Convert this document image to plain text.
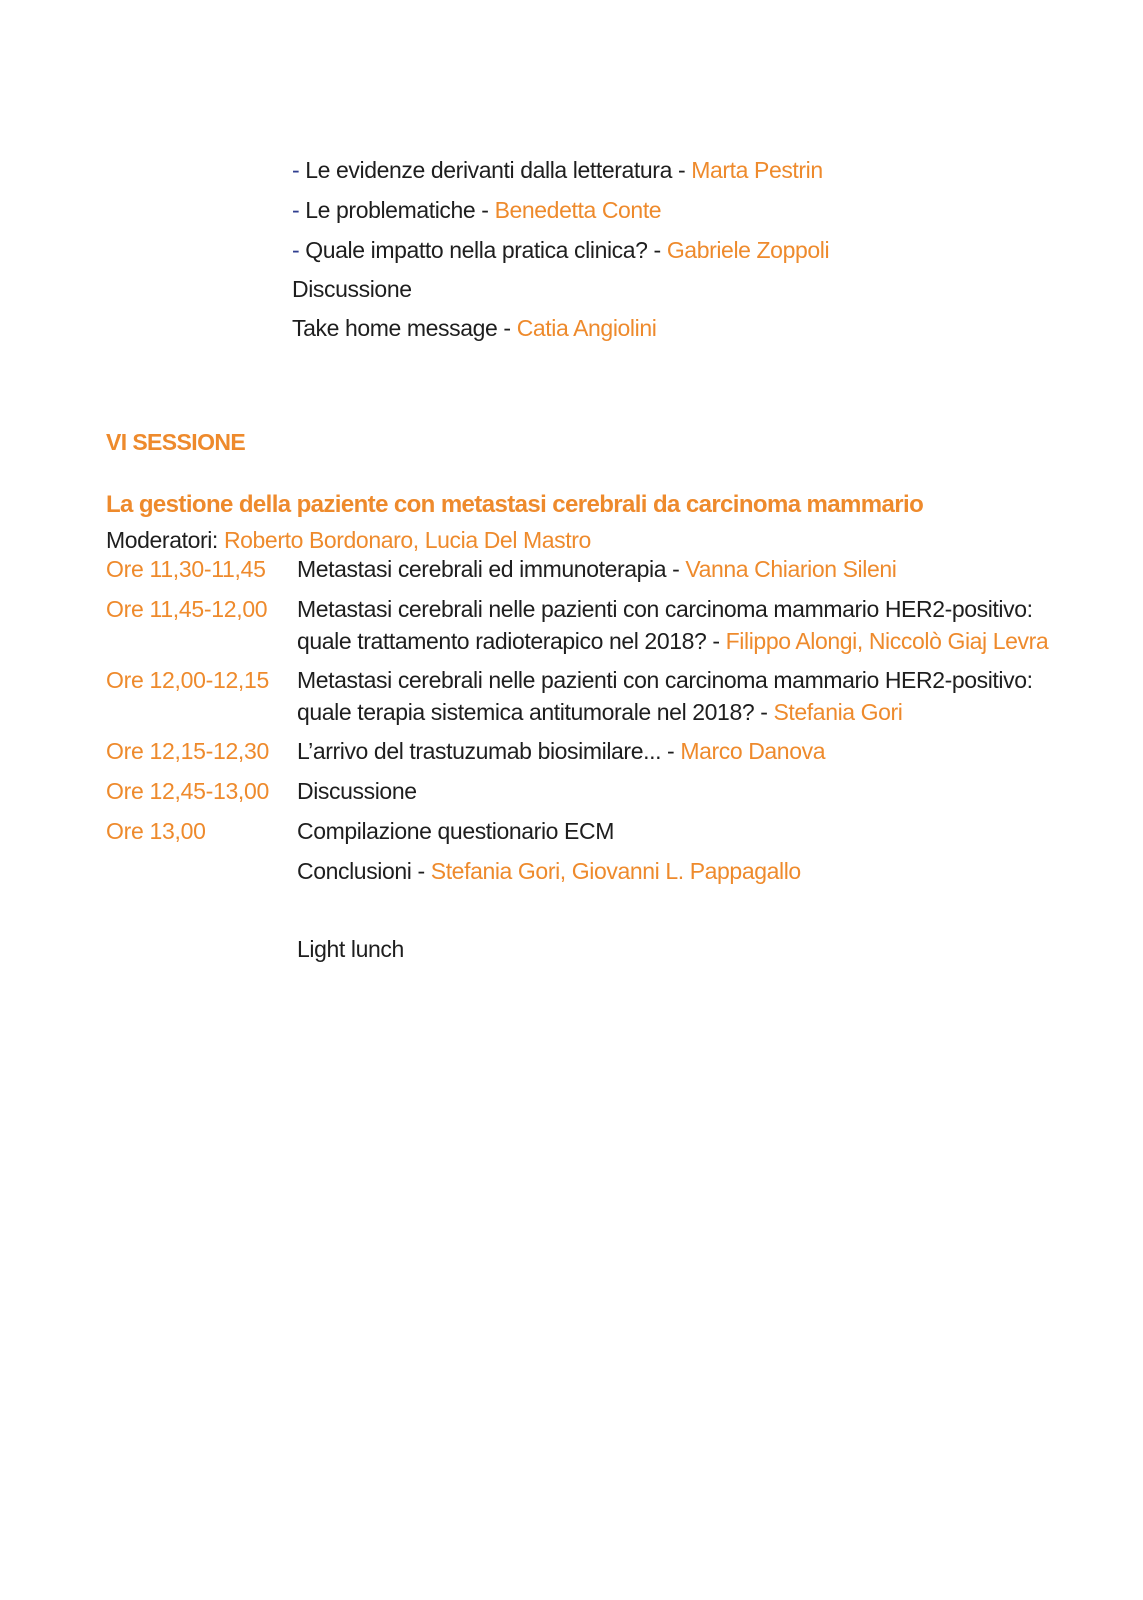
- Le evidenze derivanti dalla letteratura - Marta Pestrin
- Le problematiche - Benedetta Conte
- Quale impatto nella pratica clinica? - Gabriele Zoppoli
Discussione
Take home message - Catia Angiolini
VI SESSIONE
La gestione della paziente con metastasi cerebrali da carcinoma mammario
Moderatori: Roberto Bordonaro, Lucia Del Mastro
Ore 11,30-11,45 Metastasi cerebrali ed immunoterapia - Vanna Chiarion Sileni
Ore 11,45-12,00 Metastasi cerebrali nelle pazienti con carcinoma mammario HER2-positivo:
quale trattamento radioterapico nel 2018? - Filippo Alongi, Niccolò Giaj Levra
Ore 12,00-12,15 Metastasi cerebrali nelle pazienti con carcinoma mammario HER2-positivo:
quale terapia sistemica antitumorale nel 2018? - Stefania Gori
Ore 12,15-12,30 L’arrivo del trastuzumab biosimilare... - Marco Danova
Ore 12,45-13,00 Discussione
Ore 13,00	Compilazione questionario ECM
Conclusioni - Stefania Gori, Giovanni L. Pappagallo
Light lunch
